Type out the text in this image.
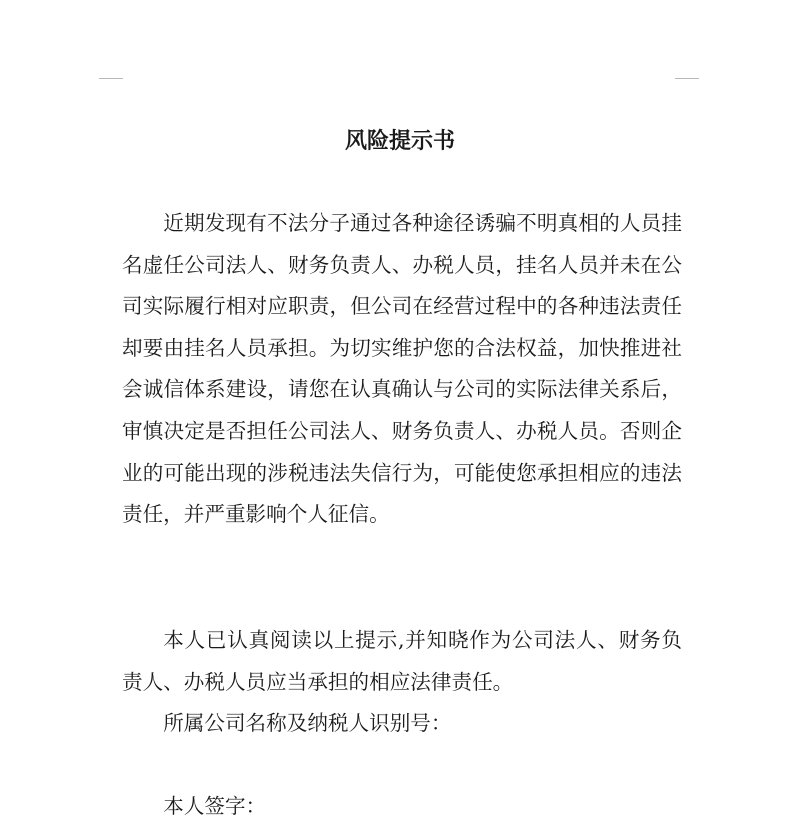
风险提示书

近期发现有不法分子通过各种途径诱骗不明真相的人员挂名虚任公司法人、财务负责人、办税人员，挂名人员并未在公司实际履行相对应职责，但公司在经营过程中的各种违法责任却要由挂名人员承担。为切实维护您的合法权益，加快推进社会诚信体系建设，请您在认真确认与公司的实际法律关系后，审慎决定是否担任公司法人、财务负责人、办税人员。否则企业的可能出现的涉税违法失信行为，可能使您承担相应的违法责任，并严重影响个人征信。

本人已认真阅读以上提示,并知晓作为公司法人、财务负责人、办税人员应当承担的相应法律责任。

所属公司名称及纳税人识别号：

本人签字：
